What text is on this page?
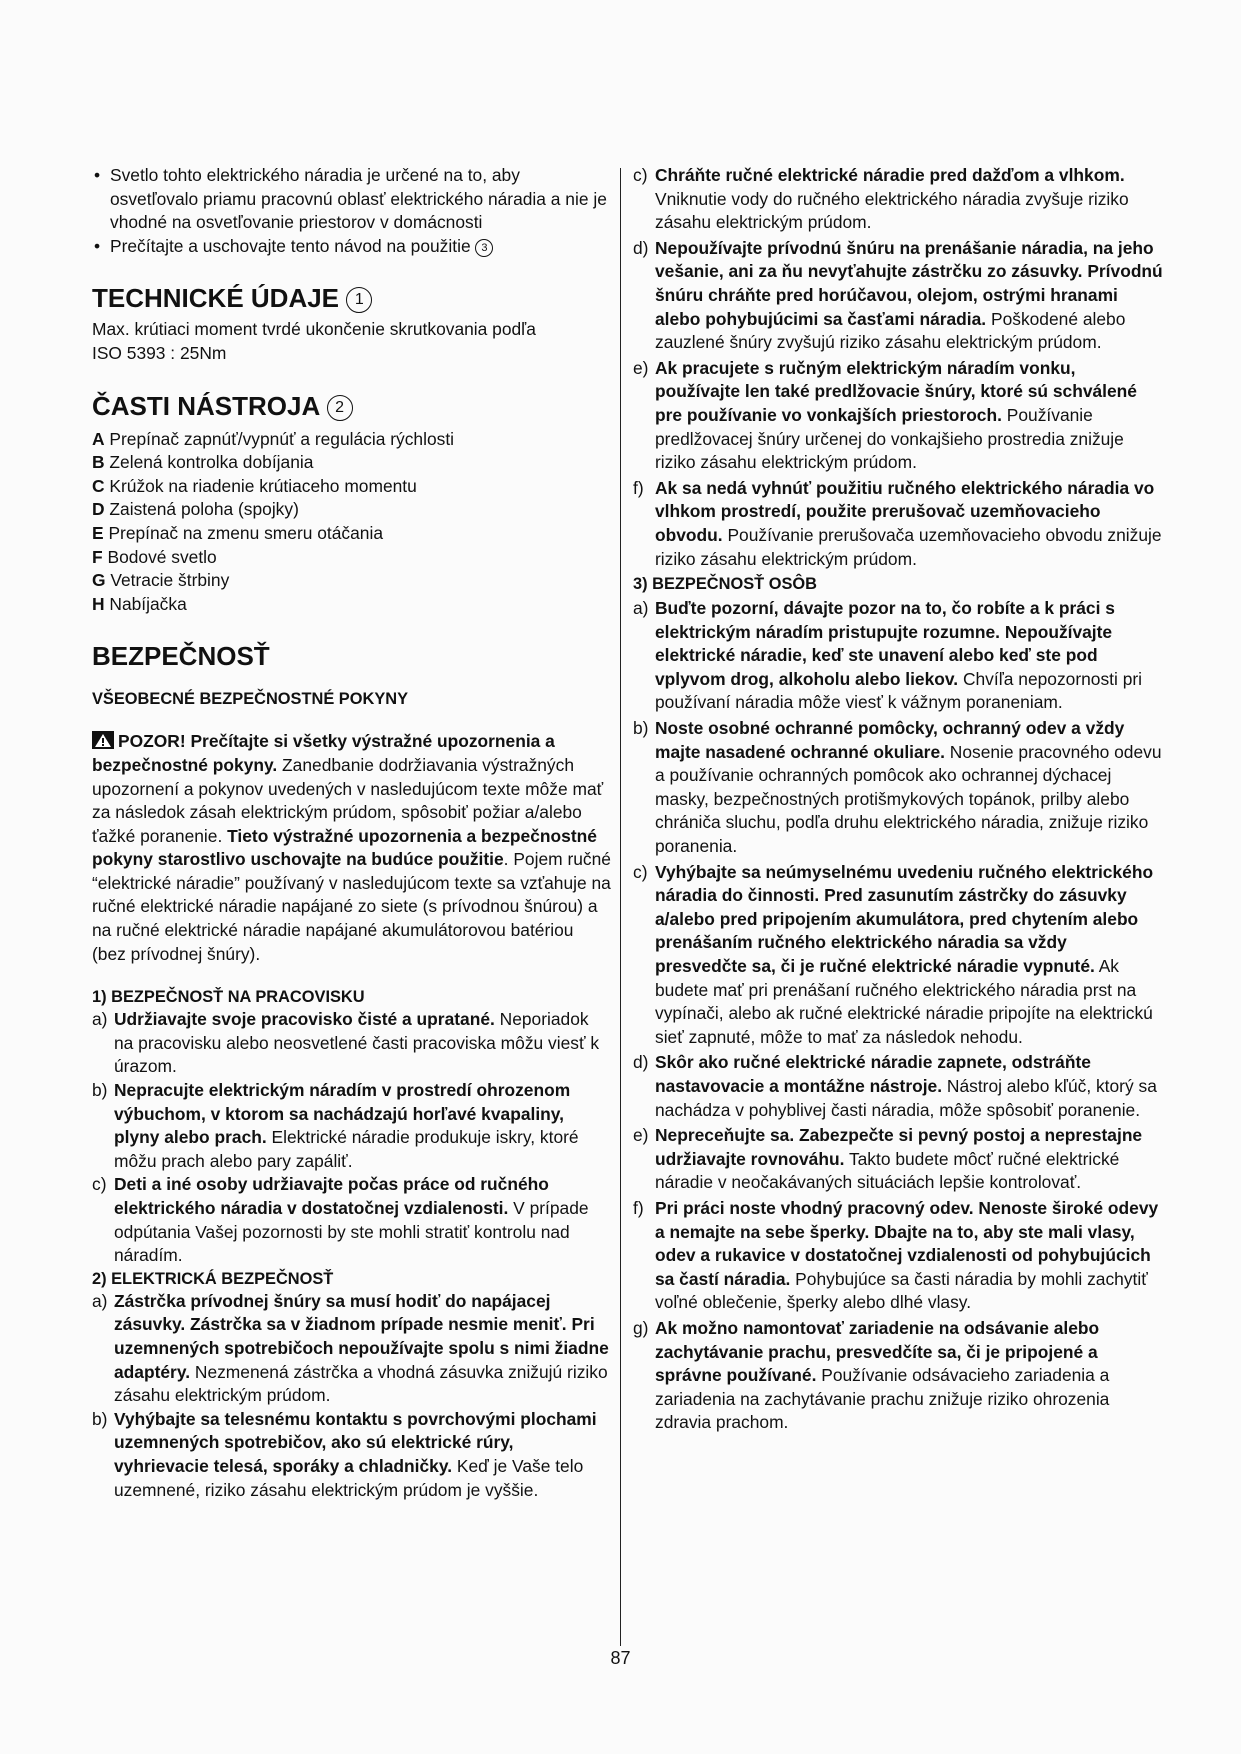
• Svetlo tohto elektrického náradia je určené na to, aby osvetľovalo priamu pracovnú oblasť elektrického náradia a nie je vhodné na osvetľovanie priestorov v domácnosti

• Prečítajte a uschovajte tento návod na použitie 3

TECHNICKÉ ÚDAJE 1

Max. krútiaci moment tvrdé ukončenie skrutkovania podľa

ISO 5393 : 25Nm

ČASTI NÁSTROJA 2
A Prepínač zapnúť/vypnúť a regulácia rýchlosti
B Zelená kontrolka dobíjania
C Krúžok na riadenie krútiaceho momentu
D Zaistená poloha (spojky)
E Prepínač na zmenu smeru otáčania
F Bodové svetlo
G Vetracie štrbiny
H Nabíjačka
BEZPEČNOSŤ
VŠEOBECNÉ BEZPEČNOSTNÉ POKYNY

POZOR! Prečítajte si všetky výstražné upozornenia a bezpečnostné pokyny. Zanedbanie dodržiavania výstražných upozornení a pokynov uvedených v nasledujúcom texte môže mať za následok zásah elektrickým prúdom, spôsobiť požiar a/alebo ťažké poranenie. Tieto výstražné upozornenia a bezpečnostné pokyny starostlivo uschovajte na budúce použitie. Pojem ručné “elektrické náradie” používaný v nasledujúcom texte sa vzťahuje na ručné elektrické náradie napájané zo siete (s prívodnou šnúrou) a na ručné elektrické náradie napájané akumulátorovou batériou (bez prívodnej šnúry).

1) BEZPEČNOSŤ NA PRACOVISKU
a) Udržiavajte svoje pracovisko čisté a upratané. Neporiadok na pracovisku alebo neosvetlené časti pracoviska môžu viesť k úrazom.
b) Nepracujte elektrickým náradím v prostredí ohrozenom výbuchom, v ktorom sa nachádzajú horľavé kvapaliny, plyny alebo prach. Elektrické náradie produkuje iskry, ktoré môžu prach alebo pary zapáliť.
c) Deti a iné osoby udržiavajte počas práce od ručného elektrického náradia v dostatočnej vzdialenosti. V prípade odpútania Vašej pozornosti by ste mohli stratiť kontrolu nad náradím.
2) ELEKTRICKÁ BEZPEČNOSŤ
a) Zástrčka prívodnej šnúry sa musí hodiť do napájacej zásuvky. Zástrčka sa v žiadnom prípade nesmie meniť. Pri uzemnených spotrebičoch nepoužívajte spolu s nimi žiadne adaptéry. Nezmenená zástrčka a vhodná zásuvka znižujú riziko zásahu elektrickým prúdom.
b) Vyhýbajte sa telesnému kontaktu s povrchovými plochami uzemnených spotrebičov, ako sú elektrické rúry, vyhrievacie telesá, sporáky a chladničky. Keď je Vaše telo uzemnené, riziko zásahu elektrickým prúdom je vyššie.
c) Chráňte ručné elektrické náradie pred dažďom a vlhkom. Vniknutie vody do ručného elektrického náradia zvyšuje riziko zásahu elektrickým prúdom.
d) Nepoužívajte prívodnú šnúru na prenášanie náradia, na jeho vešanie, ani za ňu nevyťahujte zástrčku zo zásuvky. Prívodnú šnúru chráňte pred horúčavou, olejom, ostrými hranami alebo pohybujúcimi sa časťami náradia. Poškodené alebo zauzlené šnúry zvyšujú riziko zásahu elektrickým prúdom.
e) Ak pracujete s ručným elektrickým náradím vonku, používajte len také predlžovacie šnúry, ktoré sú schválené pre používanie vo vonkajších priestoroch. Používanie predlžovacej šnúry určenej do vonkajšieho prostredia znižuje riziko zásahu elektrickým prúdom.
f) Ak sa nedá vyhnúť použitiu ručného elektrického náradia vo vlhkom prostredí, použite prerušovač uzemňovacieho obvodu. Používanie prerušovača uzemňovacieho obvodu znižuje riziko zásahu elektrickým prúdom.
3) BEZPEČNOSŤ OSÔB
a) Buďte pozorní, dávajte pozor na to, čo robíte a k práci s elektrickým náradím pristupujte rozumne. Nepoužívajte elektrické náradie, keď ste unavení alebo keď ste pod vplyvom drog, alkoholu alebo liekov. Chvíľa nepozornosti pri používaní náradia môže viesť k vážnym poraneniam.
b) Noste osobné ochranné pomôcky, ochranný odev a vždy majte nasadené ochranné okuliare. Nosenie pracovného odevu a používanie ochranných pomôcok ako ochrannej dýchacej masky, bezpečnostných protišmykových topánok, prilby alebo chrániča sluchu, podľa druhu elektrického náradia, znižuje riziko poranenia.
c) Vyhýbajte sa neúmyselnému uvedeniu ručného elektrického náradia do činnosti. Pred zasunutím zástrčky do zásuvky a/alebo pred pripojením akumulátora, pred chytením alebo prenášaním ručného elektrického náradia sa vždy presvedčte sa, či je ručné elektrické náradie vypnuté. Ak budete mať pri prenášaní ručného elektrického náradia prst na vypínači, alebo ak ručné elektrické náradie pripojíte na elektrickú sieť zapnuté, môže to mať za následok nehodu.
d) Skôr ako ručné elektrické náradie zapnete, odstráňte nastavovacie a montážne nástroje. Nástroj alebo kľúč, ktorý sa nachádza v pohyblivej časti náradia, môže spôsobiť poranenie.
e) Nepreceňujte sa. Zabezpečte si pevný postoj a neprestajne udržiavajte rovnováhu. Takto budete môcť ručné elektrické náradie v neočakávaných situáciách lepšie kontrolovať.
f) Pri práci noste vhodný pracovný odev. Nenoste široké odevy a nemajte na sebe šperky. Dbajte na to, aby ste mali vlasy, odev a rukavice v dostatočnej vzdialenosti od pohybujúcich sa častí náradia. Pohybujúce sa časti náradia by mohli zachytiť voľné oblečenie, šperky alebo dlhé vlasy.
g) Ak možno namontovať zariadenie na odsávanie alebo zachytávanie prachu, presvedčíte sa, či je pripojené a správne používané. Používanie odsávacieho zariadenia a zariadenia na zachytávanie prachu znižuje riziko ohrozenia zdravia prachom.
87
